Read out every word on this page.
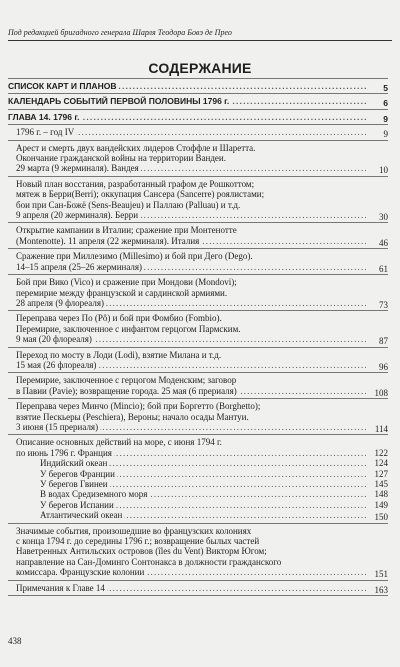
Под редакцией бригадного генерала Шарля Теодора Бовэ де Прео
СОДЕРЖАНИЕ
СПИСОК КАРТ И ПЛАНОВ .....	5
КАЛЕНДАРЬ СОБЫТИЙ ПЕРВОЙ ПОЛОВИНЫ 1796 г. .....	6
ГЛАВА 14. 1796 г. .....	9
1796 г. – год IV .....	9
Арест и смерть двух вандейских лидеров Стоффле и Шаретта.
Окончание гражданской войны на территории Вандеи.
29 марта (9 жерминаля). Вандея .....	10
Новый план восстания, разработанный графом де Рошкоттом;
мятеж в Берри(Berri); оккупация Сансера (Sancerre) роялистами;
бои при Сан-Божё (Sens-Beaujeu) и Паллаю (Palluau) и т.д.
9 апреля (20 жерминаля). Берри .....	30
Открытие кампании в Италии; сражение при Монтенотте
(Montenotte). 11 апреля (22 жерминаля). Италия .....	46
Сражение при Миллезимо (Millesimo) и бой при Дего (Dego).
14–15 апреля (25–26 жерминаля) .....	61
Бой при Вико (Vico) и сражение при Мондови (Mondovi);
перемирие между французской и сардинской армиями.
28 апреля (9 флореаля) .....	73
Переправа через По (Pô) и бой при Фомбио (Fombio).
Перемирие, заключенное с инфантом герцогом Пармским.
9 мая (20 флореаля) .....	87
Переход по мосту в Лоди (Lodi), взятие Милана и т.д.
15 мая (26 флореаля) .....	96
Перемирие, заключенное с герцогом Моденским; заговор
в Павии (Pavie); возвращение города. 25 мая (6 прериаля) .....	108
Переправа через Минчо (Mincio); бой при Боргетто (Borghetto);
взятие Пескьеры (Peschiera), Вероны; начало осады Мантуи.
3 июня (15 прериаля) .....	114
Описание основных действий на море, с июня 1794 г.
по июнь 1796 г. Франция .....	122
Индийский океан .....	124
У берегов Франции .....	127
У берегов Гвинеи .....	145
В водах Средиземного моря .....	148
У берегов Испании .....	149
Атлантический океан .....	150
Значимые события, произошедшие во французских колониях
с конца 1794 г. до середины 1796 г.; возвращение былых частей
Наветренных Антильских островов (îles du Vent) Викторм Югом;
направление на Сан-Доминго Сонтонакса в должности гражданского
комиссара. Французские колонии .....	151
Примечания к Главе 14 .....	163
438
